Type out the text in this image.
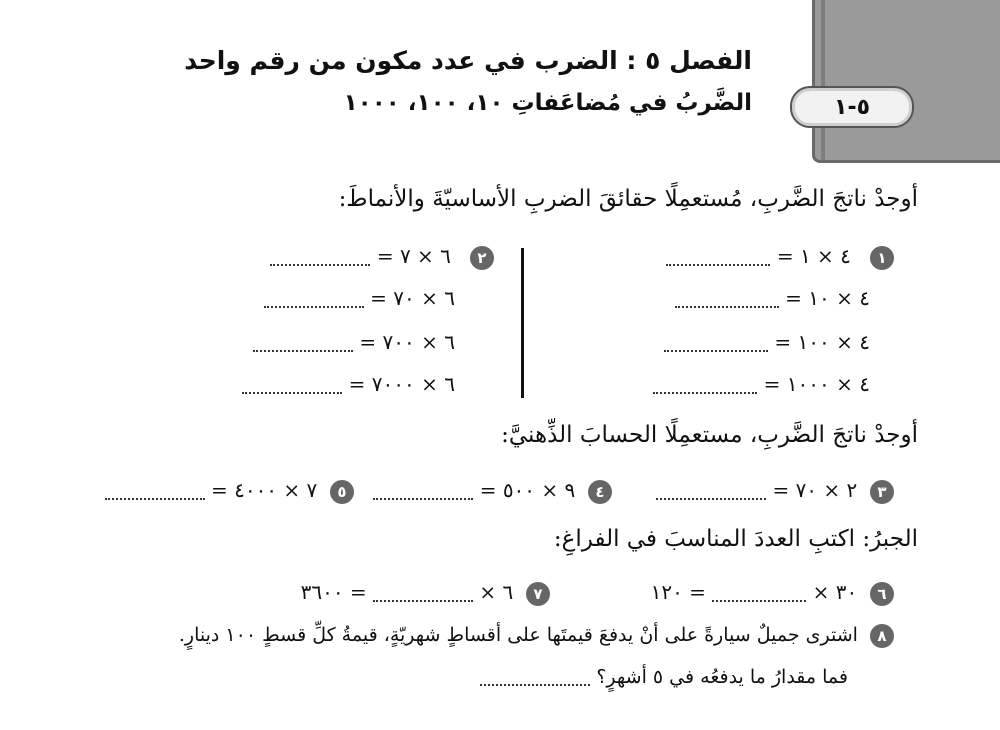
٥-١
الفصل ٥ : الضرب في عدد مكون من رقم واحد
الضَّربُ في مُضاعَفاتِ ١٠، ١٠٠، ١٠٠٠
أوجدْ ناتجَ الضَّربِ، مُستعمِلًا حقائقَ الضربِ الأساسيّةَ والأنماطَ:
١   ٤ × ١ =
٤ × ١٠ =
٤ × ١٠٠ =
٤ × ١٠٠٠ =
٢   ٦ × ٧ =
٦ × ٧٠ =
٦ × ٧٠٠ =
٦ × ٧٠٠٠ =
أوجدْ ناتجَ الضَّربِ، مستعمِلًا الحسابَ الذِّهنيَّ:
٣  ٢ × ٧٠ =
٤  ٩ × ٥٠٠ =
٥  ٧ × ٤٠٠٠ =
الجبرُ: اكتبِ العددَ المناسبَ في الفراغِ:
٦  ٣٠ ×  = ١٢٠
٧  ٦ ×  = ٣٦٠٠
٨  اشترى جميلٌ سيارةً على أنْ يدفعَ قيمتَها على أقساطٍ شهريّةٍ، قيمةُ كلِّ قسطٍ ١٠٠ دينارٍ.
فما مقدارُ ما يدفعُه في ٥ أشهرٍ؟
